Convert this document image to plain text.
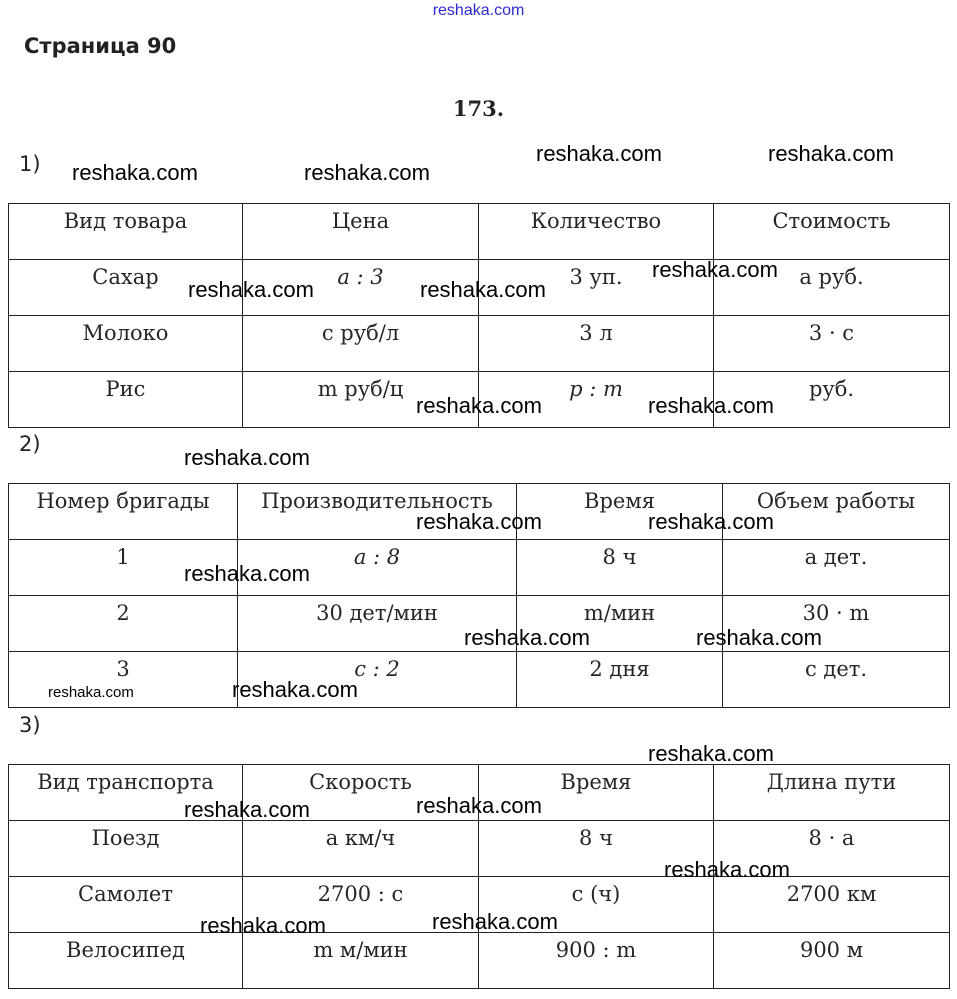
reshaka.com
Страница 90
173.
1)
Вид товара	Цена	Количество	Стоимость
Сахар	a : 3	3 уп.	a руб.
Молоко	c руб/л	3 л	3 · c
Рис	m руб/ц	p : m	руб.
2)
Номер бригады	Производительность	Время	Объем работы
1	a : 8	8 ч	a дет.
2	30 дет/мин	m/мин	30 · m
3	c : 2	2 дня	c дет.
3)
Вид транспорта	Скорость	Время	Длина пути
Поезд	a км/ч	8 ч	8 · a
Самолет	2700 : c	c (ч)	2700 км
Велосипед	m м/мин	900 : m	900 м
reshaka.com	reshaka.com
reshaka.com	reshaka.com
reshaka.com
reshaka.com	reshaka.com
reshaka.com	reshaka.com
reshaka.com
reshaka.com	reshaka.com
reshaka.com
reshaka.com	reshaka.com
reshaka.com	reshaka.com
reshaka.com
reshaka.com	reshaka.com
reshaka.com
reshaka.com	reshaka.com
